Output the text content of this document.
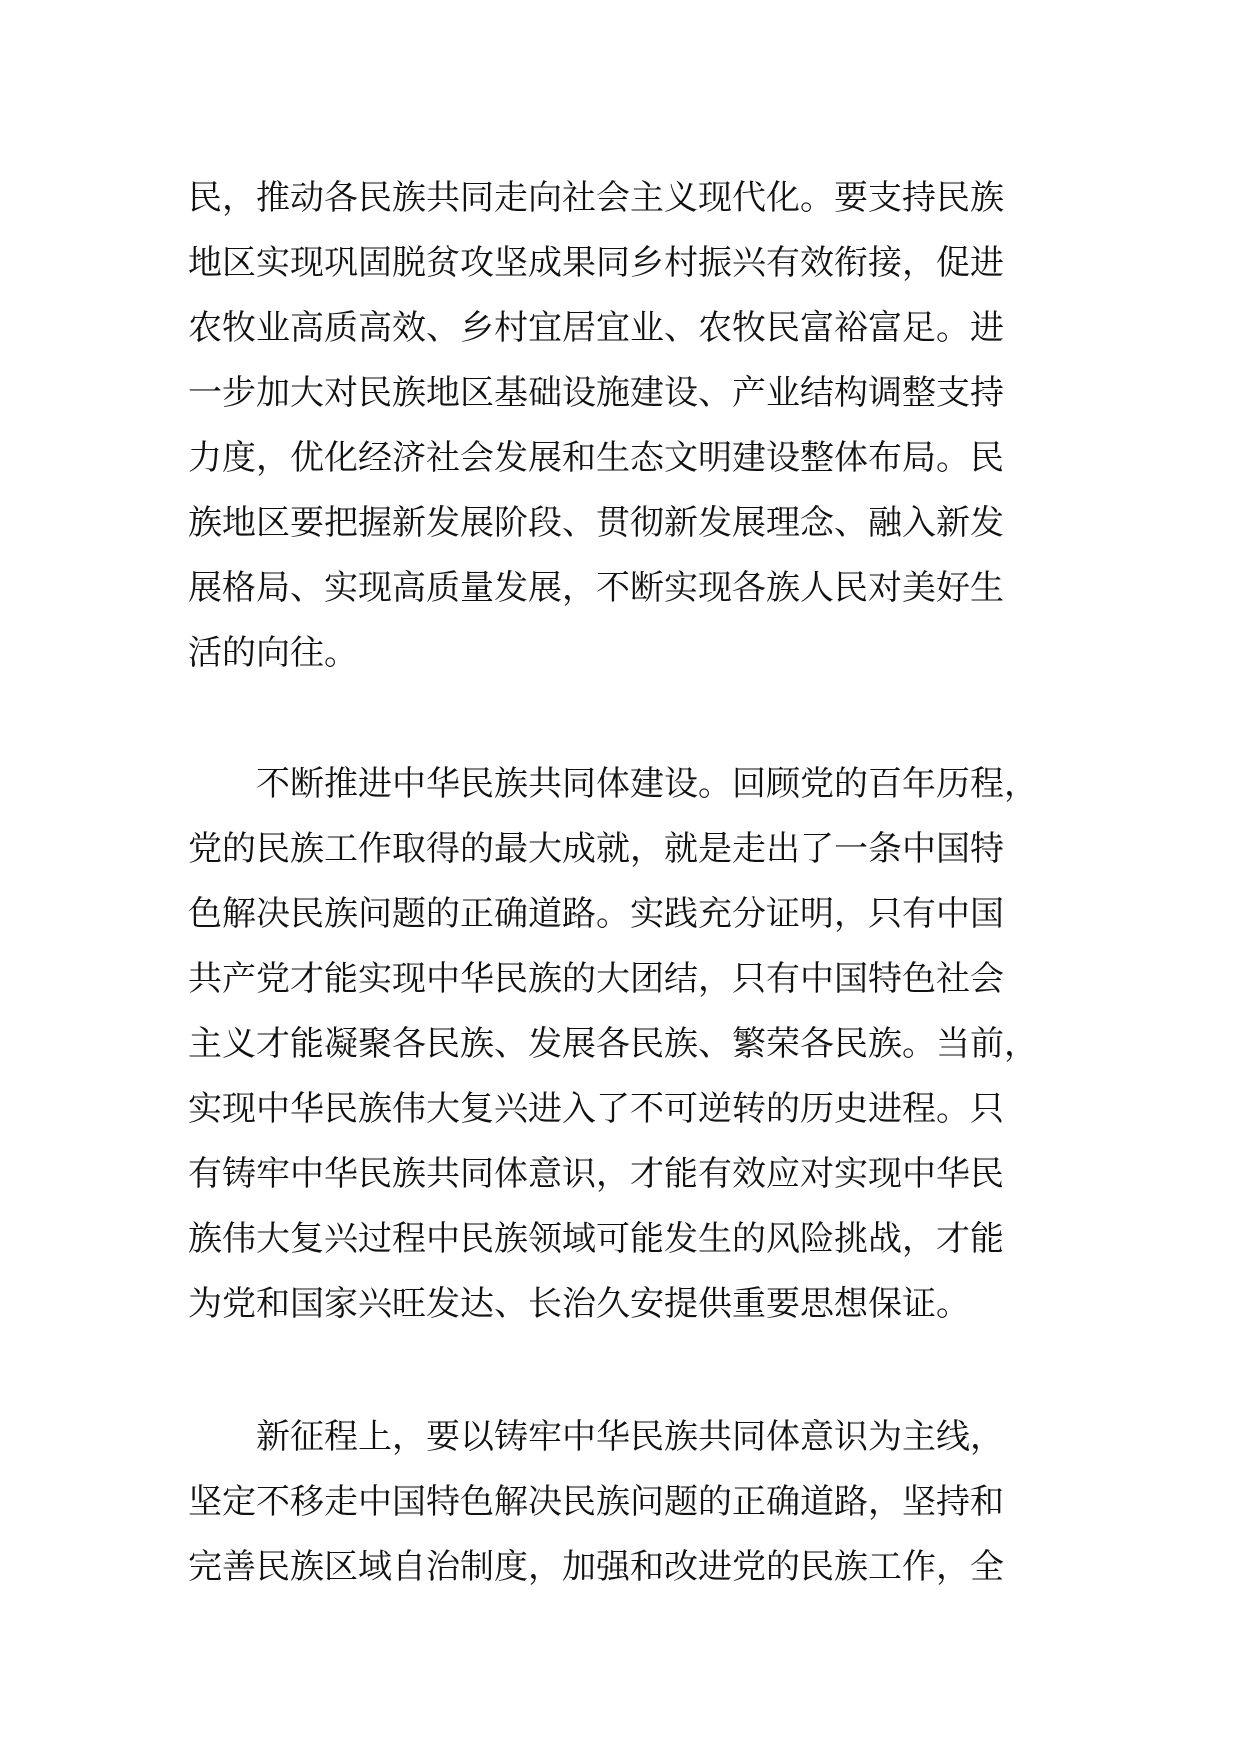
民，推动各民族共同走向社会主义现代化。要支持民族
地区实现巩固脱贫攻坚成果同乡村振兴有效衔接，促进
农牧业高质高效、乡村宜居宜业、农牧民富裕富足。进
一步加大对民族地区基础设施建设、产业结构调整支持
力度，优化经济社会发展和生态文明建设整体布局。民
族地区要把握新发展阶段、贯彻新发展理念、融入新发
展格局、实现高质量发展，不断实现各族人民对美好生
活的向往。
　　不断推进中华民族共同体建设。回顾党的百年历程，
党的民族工作取得的最大成就，就是走出了一条中国特
色解决民族问题的正确道路。实践充分证明，只有中国
共产党才能实现中华民族的大团结，只有中国特色社会
主义才能凝聚各民族、发展各民族、繁荣各民族。当前，
实现中华民族伟大复兴进入了不可逆转的历史进程。只
有铸牢中华民族共同体意识，才能有效应对实现中华民
族伟大复兴过程中民族领域可能发生的风险挑战，才能
为党和国家兴旺发达、长治久安提供重要思想保证。
　　新征程上，要以铸牢中华民族共同体意识为主线，
坚定不移走中国特色解决民族问题的正确道路，坚持和
完善民族区域自治制度，加强和改进党的民族工作，全
